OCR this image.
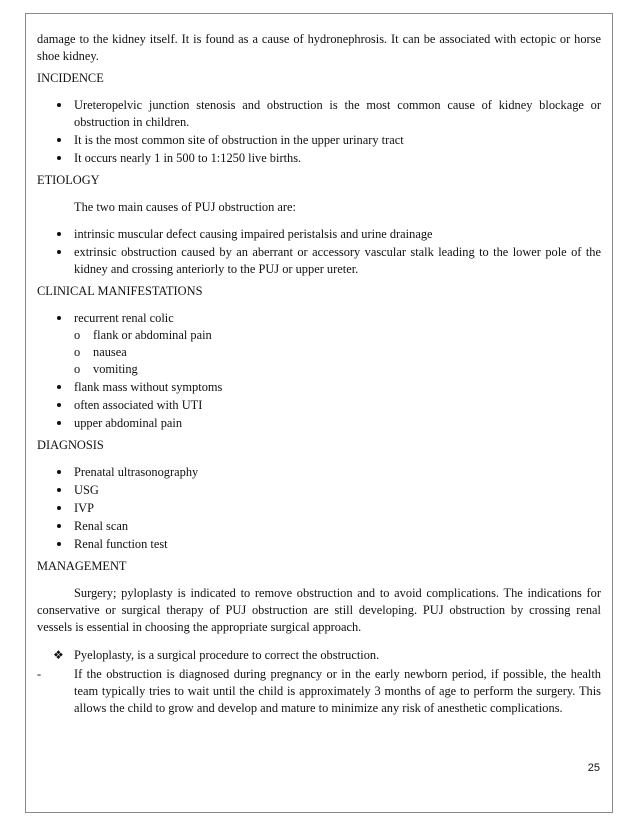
damage to the kidney itself. It is found as a cause of hydronephrosis. It can be associated with ectopic or horse shoe kidney.

INCIDENCE

Ureteropelvic junction stenosis and obstruction is the most common cause of kidney blockage or obstruction in children.
It is the most common site of obstruction in the upper urinary tract
It occurs nearly 1 in 500 to 1:1250 live births.

ETIOLOGY

The two main causes of PUJ obstruction are:

intrinsic muscular defect causing impaired peristalsis and urine drainage
extrinsic obstruction caused by an aberrant or accessory vascular stalk leading to the lower pole of the kidney and crossing anteriorly to the PUJ or upper ureter.

CLINICAL MANIFESTATIONS

recurrent renal colic
o flank or abdominal pain
o nausea
o vomiting
flank mass without symptoms
often associated with UTI
upper abdominal pain

DIAGNOSIS

Prenatal ultrasonography
USG
IVP
Renal scan
Renal function test

MANAGEMENT

Surgery; pyloplasty is indicated to remove obstruction and to avoid complications. The indications for conservative or surgical therapy of PUJ obstruction are still developing. PUJ obstruction by crossing renal vessels is essential in choosing the appropriate surgical approach.

❖ Pyeloplasty, is a surgical procedure to correct the obstruction.
-	If the obstruction is diagnosed during pregnancy or in the early newborn period, if possible, the health team typically tries to wait until the child is approximately 3 months of age to perform the surgery. This allows the child to grow and develop and mature to minimize any risk of anesthetic complications.
25
